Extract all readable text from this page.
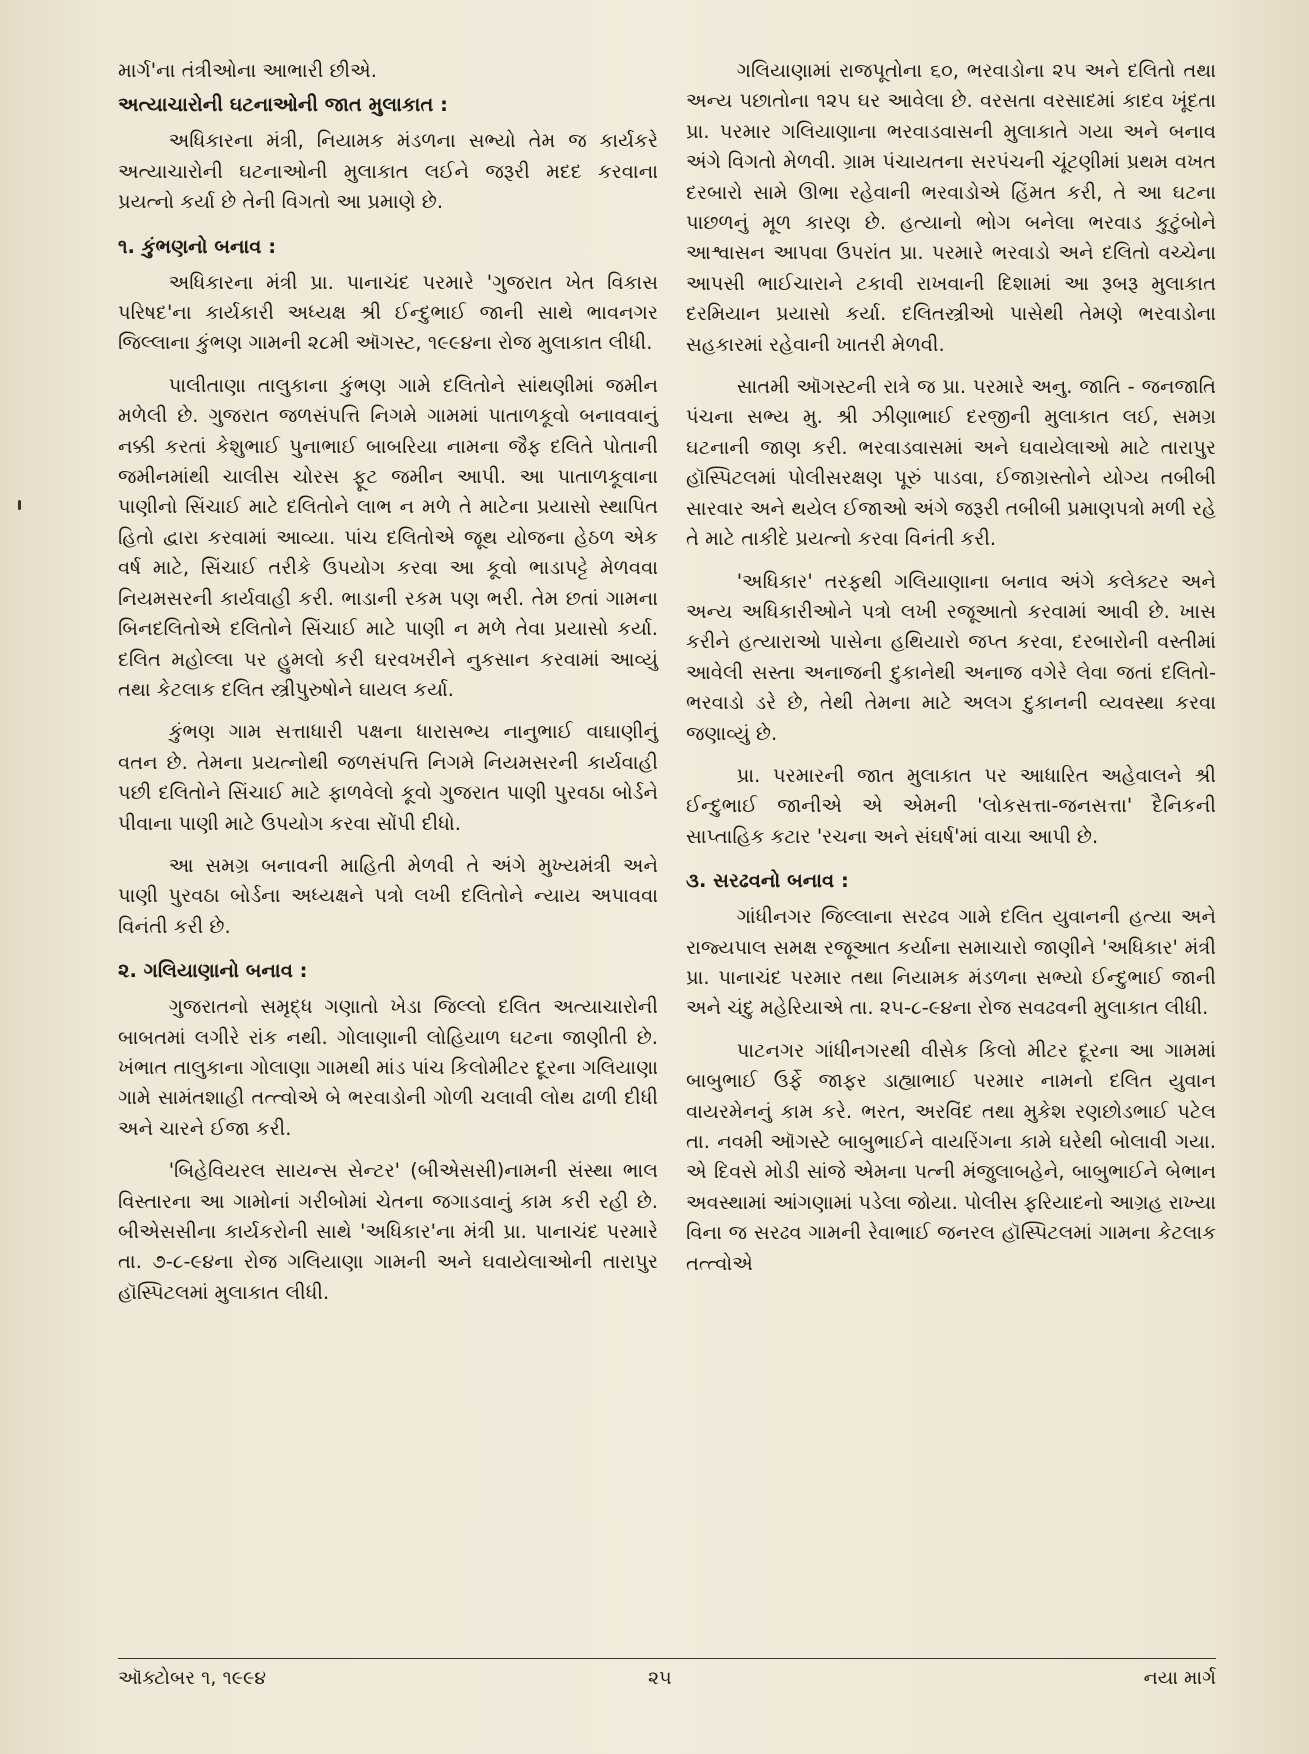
માર્ગ'ના તંત્રીઓના આભારી છીએ.

અત્યાચારોની ઘટનાઓની જાત મુલાકાત :

અધિકારના મંત્રી, નિયામક મંડળના સભ્યો તેમ જ કાર્યકરે અત્યાચારોની ઘટનાઓની મુલાકાત લઈને જરૂરી મદદ કરવાના પ્રયત્નો કર્યા છે તેની વિગતો આ પ્રમાણે છે.

૧. કુંભણનો બનાવ :

અધિકારના મંત્રી પ્રા. પાનાચંદ પરમારે 'ગુજરાત ખેત વિકાસ પરિષદ'ના કાર્યકારી અધ્યક્ષ શ્રી ઈન્દુભાઈ જાની સાથે ભાવનગર જિલ્લાના કુંભણ ગામની ૨૮મી ઑગસ્ટ, ૧૯૯૪ના રોજ મુલાકાત લીધી.

પાલીતાણા તાલુકાના કુંભણ ગામે દલિતોને સાંથણીમાં જમીન મળેલી છે. ગુજરાત જળસંપત્તિ નિગમે ગામમાં પાતાળકૂવો બનાવવાનું નક્કી કરતાં કેશુભાઈ પુનાભાઈ બાબરિયા નામના જૈફ દલિતે પોતાની જમીનમાંથી ચાલીસ ચોરસ ફૂટ જમીન આપી. આ પાતાળકૂવાના પાણીનો સિંચાઈ માટે દલિતોને લાભ ન મળે તે માટેના પ્રયાસો સ્થાપિત હિતો દ્વારા કરવામાં આવ્યા. પાંચ દલિતોએ જૂથ યોજના હેઠળ એક વર્ષ માટે, સિંચાઈ તરીકે ઉપયોગ કરવા આ કૂવો ભાડાપટ્ટે મેળવવા નિયમસરની કાર્યવાહી કરી. ભાડાની રકમ પણ ભરી. તેમ છતાં ગામના બિનદલિતોએ દલિતોને સિંચાઈ માટે પાણી ન મળે તેવા પ્રયાસો કર્યા. દલિત મહોલ્લા પર હુમલો કરી ઘરવખરીને નુકસાન કરવામાં આવ્યું તથા કેટલાક દલિત સ્ત્રીપુરુષોને ઘાયલ કર્યા.

કુંભણ ગામ સત્તાધારી પક્ષના ધારાસભ્ય નાનુભાઈ વાઘાણીનું વતન છે. તેમના પ્રયત્નોથી જળસંપત્તિ નિગમે નિયમસરની કાર્યવાહી પછી દલિતોને સિંચાઈ માટે ફાળવેલો કૂવો ગુજરાત પાણી પુરવઠા બોર્ડને પીવાના પાણી માટે ઉપયોગ કરવા સોંપી દીધો.

આ સમગ્ર બનાવની માહિતી મેળવી તે અંગે મુખ્યમંત્રી અને પાણી પુરવઠા બોર્ડના અધ્યક્ષને પત્રો લખી દલિતોને ન્યાય અપાવવા વિનંતી કરી છે.

૨. ગલિયાણાનો બનાવ :

ગુજરાતનો સમૃદ્ધ ગણાતો ખેડા જિલ્લો દલિત અત્યાચારોની બાબતમાં લગીરે રાંક નથી. ગોલાણાની લોહિયાળ ઘટના જાણીતી છે. ખંભાત તાલુકાના ગોલાણા ગામથી માંડ પાંચ કિલોમીટર દૂરના ગલિયાણા ગામે સામંતશાહી તત્ત્વોએ બે ભરવાડોની ગોળી ચલાવી લોથ ઢાળી દીધી અને ચારને ઈજા કરી.

'બિહેવિયરલ સાયન્સ સેન્ટર' (બીએસસી)નામની સંસ્થા ભાલ વિસ્તારના આ ગામોનાં ગરીબોમાં ચેતના જગાડવાનું કામ કરી રહી છે. બીએસસીના કાર્યકરોની સાથે 'અધિકાર'ના મંત્રી પ્રા. પાનાચંદ પરમારે તા. ૭-૮-૯૪ના રોજ ગલિયાણા ગામની અને ઘવાયેલાઓની તારાપુર હૉસ્પિટલમાં મુલાકાત લીધી.

ગલિયાણામાં રાજપૂતોના ૬૦, ભરવાડોના ૨૫ અને દલિતો તથા અન્ય પછાતોના ૧૨૫ ઘર આવેલા છે. વરસતા વરસાદમાં કાદવ ખૂંદતા પ્રા. પરમાર ગલિયાણાના ભરવાડવાસની મુલાકાતે ગયા અને બનાવ અંગે વિગતો મેળવી. ગ્રામ પંચાયતના સરપંચની ચૂંટણીમાં પ્રથમ વખત દરબારો સામે ઊભા રહેવાની ભરવાડોએ હિંમત કરી, તે આ ઘટના પાછળનું મૂળ કારણ છે. હત્યાનો ભોગ બનેલા ભરવાડ કુટુંબોને આશ્વાસન આપવા ઉપરાંત પ્રા. પરમારે ભરવાડો અને દલિતો વચ્ચેના આપસી ભાઈચારાને ટકાવી રાખવાની દિશામાં આ રૂબરૂ મુલાકાત દરમિયાન પ્રયાસો કર્યા. દલિતસ્ત્રીઓ પાસેથી તેમણે ભરવાડોના સહકારમાં રહેવાની ખાતરી મેળવી.

સાતમી ઑગસ્ટની રાત્રે જ પ્રા. પરમારે અનુ. જાતિ - જનજાતિ પંચના સભ્ય મુ. શ્રી ઝીણાભાઈ દરજીની મુલાકાત લઈ, સમગ્ર ઘટનાની જાણ કરી. ભરવાડવાસમાં અને ઘવાયેલાઓ માટે તારાપુર હૉસ્પિટલમાં પોલીસરક્ષણ પૂરું પાડવા, ઈજાગ્રસ્તોને યોગ્ય તબીબી સારવાર અને થયેલ ઈજાઓ અંગે જરૂરી તબીબી પ્રમાણપત્રો મળી રહે તે માટે તાકીદે પ્રયત્નો કરવા વિનંતી કરી.

'અધિકાર' તરફથી ગલિયાણાના બનાવ અંગે કલેક્ટર અને અન્ય અધિકારીઓને પત્રો લખી રજૂઆતો કરવામાં આવી છે. ખાસ કરીને હત્યારાઓ પાસેના હથિયારો જપ્ત કરવા, દરબારોની વસ્તીમાં આવેલી સસ્તા અનાજની દુકાનેથી અનાજ વગેરે લેવા જતાં દલિતો-ભરવાડો ડરે છે, તેથી તેમના માટે અલગ દુકાનની વ્યવસ્થા કરવા જણાવ્યું છે.

પ્રા. પરમારની જાત મુલાકાત પર આધારિત અહેવાલને શ્રી ઈન્દુભાઈ જાનીએ એ એમની 'લોકસત્તા-જનસત્તા' દૈનિકની સાપ્તાહિક કટાર 'રચના અને સંઘર્ષ'માં વાચા આપી છે.

૩. સરઢવનો બનાવ :

ગાંધીનગર જિલ્લાના સરઢવ ગામે દલિત યુવાનની હત્યા અને રાજ્યપાલ સમક્ષ રજૂઆત કર્યાના સમાચારો જાણીને 'અધિકાર' મંત્રી પ્રા. પાનાચંદ પરમાર તથા નિયામક મંડળના સભ્યો ઈન્દુભાઈ જાની અને ચંદુ મહેરિયાએ તા. ૨૫-૮-૯૪ના રોજ સવઢવની મુલાકાત લીધી.

પાટનગર ગાંધીનગરથી વીસેક કિલો મીટર દૂરના આ ગામમાં બાબુભાઈ ઉર્ફે જાફર ડાહ્યાભાઈ પરમાર નામનો દલિત યુવાન વાયરમેનનું કામ કરે. ભરત, અરવિંદ તથા મુકેશ રણછોડભાઈ પટેલ તા. નવમી ઑગસ્ટે બાબુભાઈને વાયરિંગના કામે ઘરેથી બોલાવી ગયા. એ દિવસે મોડી સાંજે એમના પત્ની મંજુલાબહેને, બાબુભાઈને બેભાન અવસ્થામાં આંગણામાં પડેલા જોયા. પોલીસ ફરિયાદનો આગ્રહ રાખ્યા વિના જ સરઢવ ગામની રેવાભાઈ જનરલ હૉસ્પિટલમાં ગામના કેટલાક તત્ત્વોએ

ઑક્ટોબર ૧, ૧૯૯૪	૨૫	નયા માર્ગ
